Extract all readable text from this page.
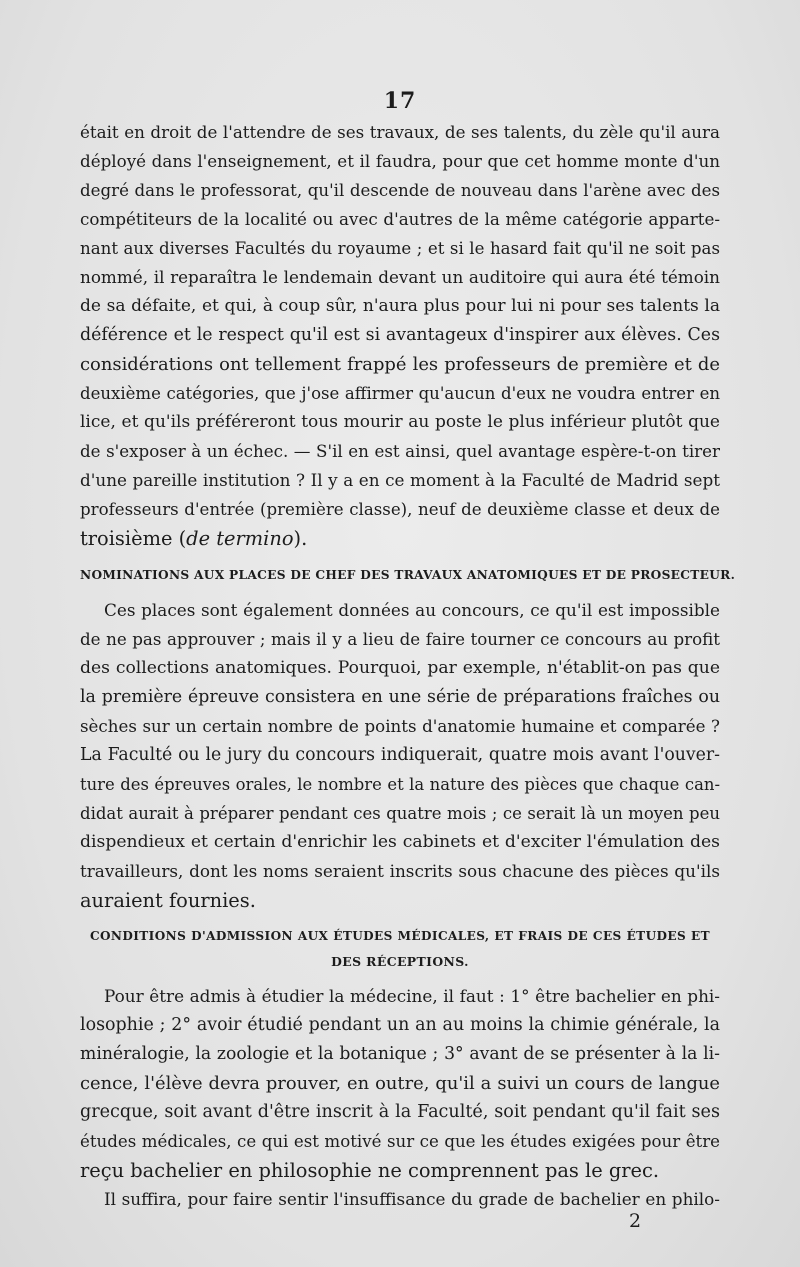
17
était en droit de l'attendre de ses travaux, de ses talents, du zèle qu'il aura
déployé dans l'enseignement, et il faudra, pour que cet homme monte d'un
degré dans le professorat, qu'il descende de nouveau dans l'arène avec des
compétiteurs de la localité ou avec d'autres de la même catégorie apparte-
nant aux diverses Facultés du royaume ; et si le hasard fait qu'il ne soit pas
nommé, il reparaîtra le lendemain devant un auditoire qui aura été témoin
de sa défaite, et qui, à coup sûr, n'aura plus pour lui ni pour ses talents la
déférence et le respect qu'il est si avantageux d'inspirer aux élèves. Ces
considérations ont tellement frappé les professeurs de première et de
deuxième catégories, que j'ose affirmer qu'aucun d'eux ne voudra entrer en
lice, et qu'ils préféreront tous mourir au poste le plus inférieur plutôt que
de s'exposer à un échec. — S'il en est ainsi, quel avantage espère-t-on tirer
d'une pareille institution ? Il y a en ce moment à la Faculté de Madrid sept
professeurs d'entrée (première classe), neuf de deuxième classe et deux de
troisième (de termino).
NOMINATIONS AUX PLACES DE CHEF DES TRAVAUX ANATOMIQUES ET DE PROSECTEUR.
Ces places sont également données au concours, ce qu'il est impossible
de ne pas approuver ; mais il y a lieu de faire tourner ce concours au profit
des collections anatomiques. Pourquoi, par exemple, n'établit-on pas que
la première épreuve consistera en une série de préparations fraîches ou
sèches sur un certain nombre de points d'anatomie humaine et comparée ?
La Faculté ou le jury du concours indiquerait, quatre mois avant l'ouver-
ture des épreuves orales, le nombre et la nature des pièces que chaque can-
didat aurait à préparer pendant ces quatre mois ; ce serait là un moyen peu
dispendieux et certain d'enrichir les cabinets et d'exciter l'émulation des
travailleurs, dont les noms seraient inscrits sous chacune des pièces qu'ils
auraient fournies.
CONDITIONS D'ADMISSION AUX ÉTUDES MÉDICALES, ET FRAIS DE CES ÉTUDES ET
DES RÉCEPTIONS.
Pour être admis à étudier la médecine, il faut : 1° être bachelier en phi-
losophie ; 2° avoir étudié pendant un an au moins la chimie générale, la
minéralogie, la zoologie et la botanique ; 3° avant de se présenter à la li-
cence, l'élève devra prouver, en outre, qu'il a suivi un cours de langue
grecque, soit avant d'être inscrit à la Faculté, soit pendant qu'il fait ses
études médicales, ce qui est motivé sur ce que les études exigées pour être
reçu bachelier en philosophie ne comprennent pas le grec.
Il suffira, pour faire sentir l'insuffisance du grade de bachelier en philo-
2
